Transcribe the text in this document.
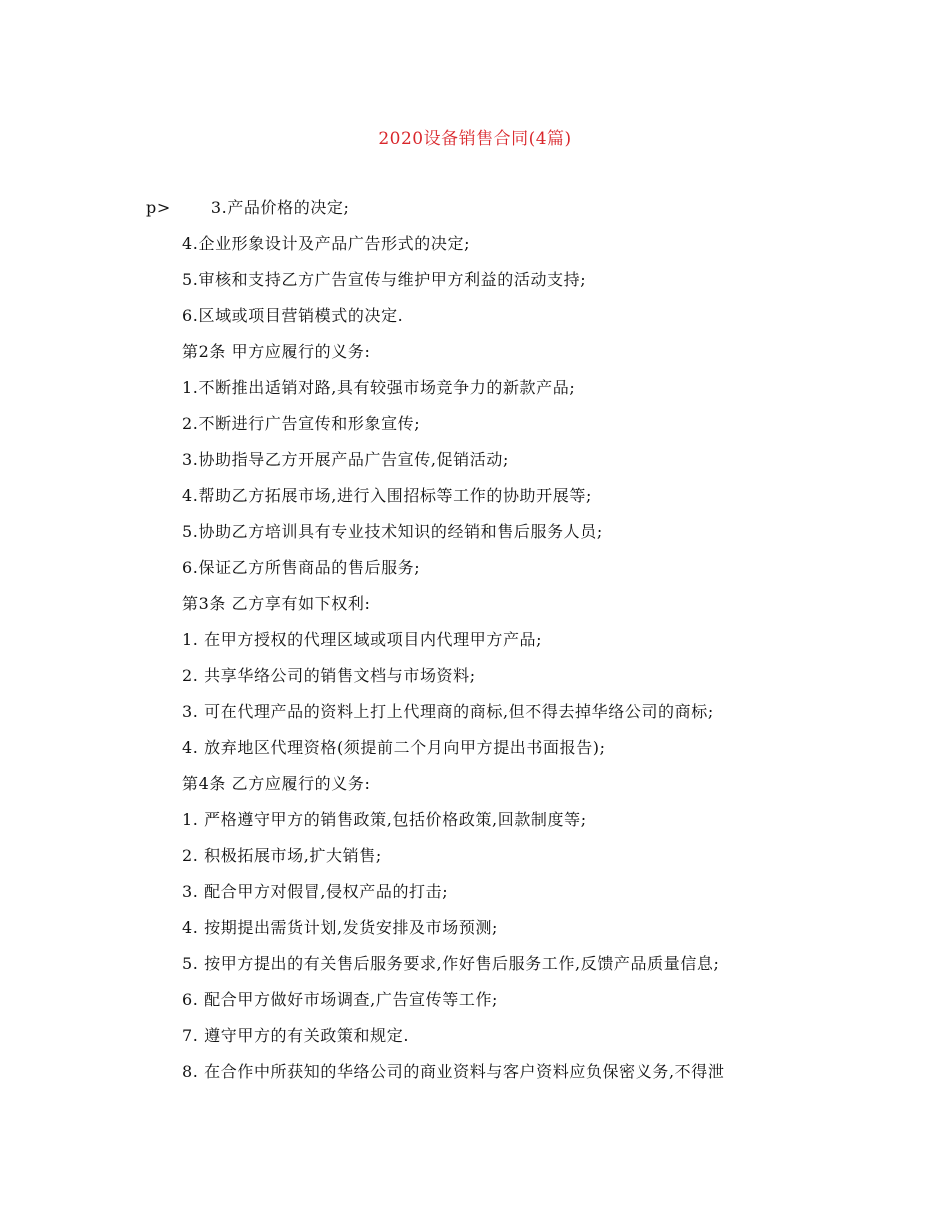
2020设备销售合同(4篇)
p>	3.产品价格的决定;
4.企业形象设计及产品广告形式的决定;
5.审核和支持乙方广告宣传与维护甲方利益的活动支持;
6.区域或项目营销模式的决定.
第2条 甲方应履行的义务:
1.不断推出适销对路,具有较强市场竞争力的新款产品;
2.不断进行广告宣传和形象宣传;
3.协助指导乙方开展产品广告宣传,促销活动;
4.帮助乙方拓展市场,进行入围招标等工作的协助开展等;
5.协助乙方培训具有专业技术知识的经销和售后服务人员;
6.保证乙方所售商品的售后服务;
第3条 乙方享有如下权利:
1. 在甲方授权的代理区域或项目内代理甲方产品;
2. 共享华络公司的销售文档与市场资料;
3. 可在代理产品的资料上打上代理商的商标,但不得去掉华络公司的商标;
4. 放弃地区代理资格(须提前二个月向甲方提出书面报告);
第4条 乙方应履行的义务:
1. 严格遵守甲方的销售政策,包括价格政策,回款制度等;
2. 积极拓展市场,扩大销售;
3. 配合甲方对假冒,侵权产品的打击;
4. 按期提出需货计划,发货安排及市场预测;
5. 按甲方提出的有关售后服务要求,作好售后服务工作,反馈产品质量信息;
6. 配合甲方做好市场调查,广告宣传等工作;
7. 遵守甲方的有关政策和规定.
8. 在合作中所获知的华络公司的商业资料与客户资料应负保密义务,不得泄
